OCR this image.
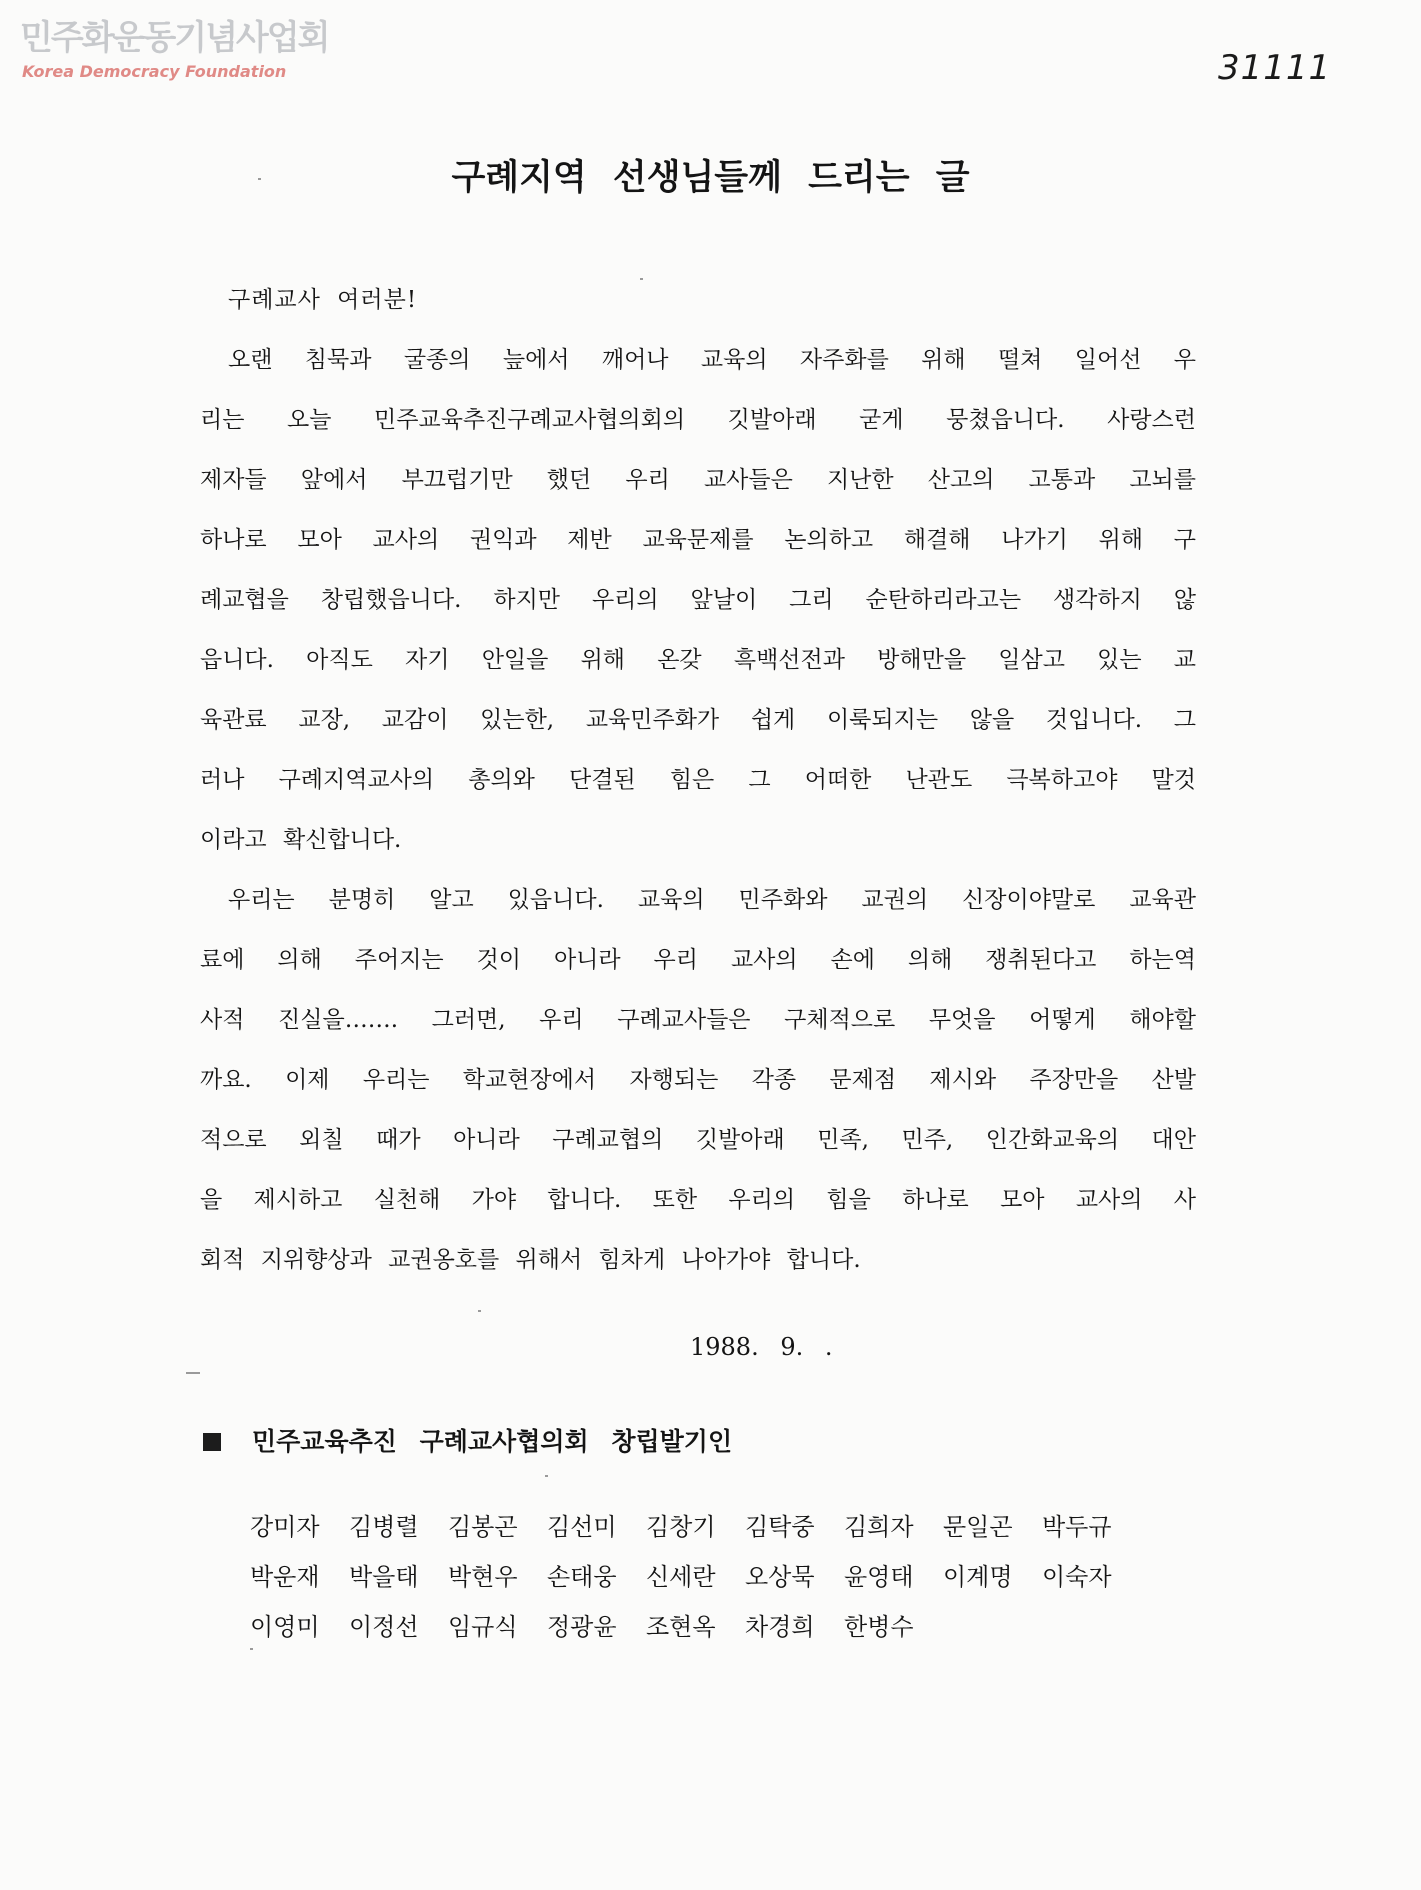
민주화운동기념사업회
Korea Democracy Foundation	31111
구례지역 선생님들께 드리는 글
구례교사 여러분!
오랜 침묵과 굴종의 늪에서 깨어나 교육의 자주화를 위해 떨쳐 일어선 우
리는 오늘 민주교육추진구례교사협의회의 깃발아래 굳게 뭉쳤읍니다. 사랑스런
제자들 앞에서 부끄럽기만 했던 우리 교사들은 지난한 산고의 고통과 고뇌를
하나로 모아 교사의 권익과 제반 교육문제를 논의하고 해결해 나가기 위해 구
례교협을 창립했읍니다. 하지만 우리의 앞날이 그리 순탄하리라고는 생각하지 않
읍니다. 아직도 자기 안일을 위해 온갖 흑백선전과 방해만을 일삼고 있는 교
육관료 교장, 교감이 있는한, 교육민주화가 쉽게 이룩되지는 않을 것입니다. 그
러나 구례지역교사의 총의와 단결된 힘은 그 어떠한 난관도 극복하고야 말것
이라고 확신합니다.
우리는 분명히 알고 있읍니다. 교육의 민주화와 교권의 신장이야말로 교육관
료에 의해 주어지는 것이 아니라 우리 교사의 손에 의해 쟁취된다고 하는역
사적 진실을……. 그러면, 우리 구례교사들은 구체적으로 무엇을 어떻게 해야할
까요. 이제 우리는 학교현장에서 자행되는 각종 문제점 제시와 주장만을 산발
적으로 외칠 때가 아니라 구례교협의 깃발아래 민족, 민주, 인간화교육의 대안
을 제시하고 실천해 가야 합니다. 또한 우리의 힘을 하나로 모아 교사의 사
회적 지위향상과 교권옹호를 위해서 힘차게 나아가야 합니다.
1988. 9. .
민주교육추진 구례교사협의회 창립발기인
강미자	김병렬	김봉곤	김선미	김창기	김탁중	김희자	문일곤	박두규
박운재	박을태	박현우	손태웅	신세란	오상묵	윤영태	이계명	이숙자
이영미	이정선	임규식	정광윤	조현옥	차경희	한병수
